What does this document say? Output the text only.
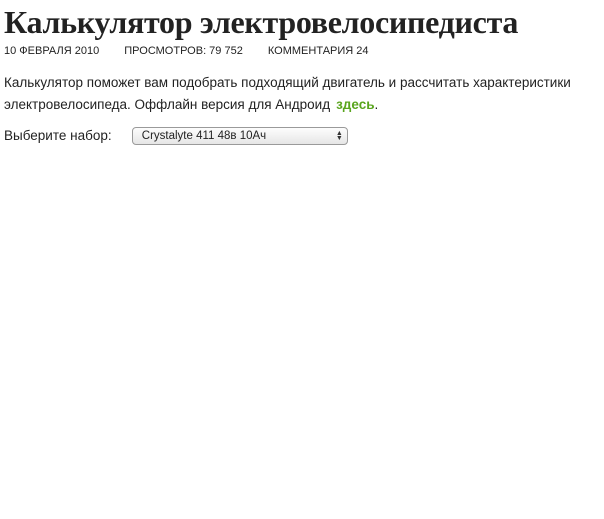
Калькулятор электровелосипедиста
10 ФЕВРАЛЯ 2010 ПРОСМОТРОВ: 79 752 КОММЕНТАРИЯ 24
Калькулятор поможет вам подобрать подходящий двигатель и рассчитать характеристики электровелосипеда. Оффлайн версия для Андроид здесь.
Выберите набор:	Crystalyte 411 48в 10Ач	▲
▼
